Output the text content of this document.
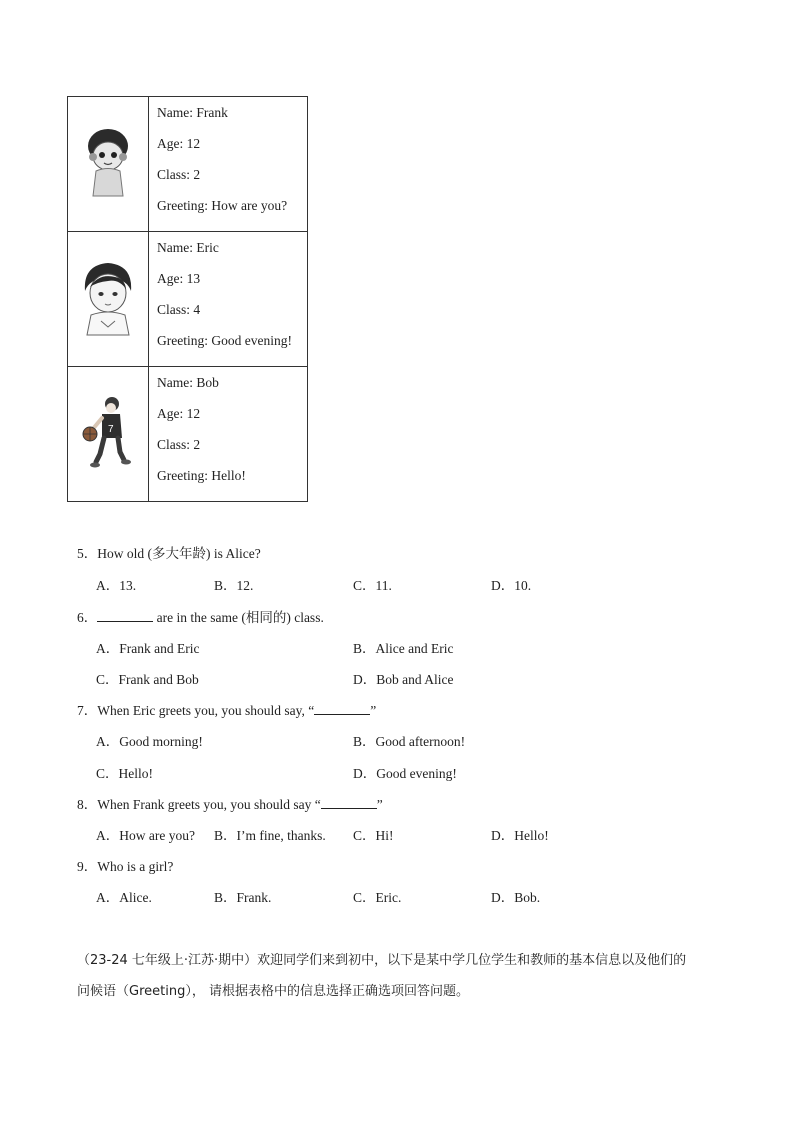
Name: Frank
Age: 12
Class: 2
Greeting: How are you?

Name: Eric
Age: 13
Class: 4
Greeting: Good evening!

7	Name: Bob
Age: 12
Class: 2
Greeting: Hello!
5．How old (多大年龄) is Alice?
A．13.	B．12.	C．11.	D．10.
6．	are in the same (相同的) class.
A．Frank and Eric	B．Alice and Eric
C．Frank and Bob	D．Bob and Alice
7．When Eric greets you, you should say, “	”
A．Good morning!	B．Good afternoon!
C．Hello!	D．Good evening!
8．When Frank greets you, you should say “	”
A．How are you? B．I’m fine, thanks. C．Hi!	D．Hello!
9．Who is a girl?
A．Alice.	B．Frank.	C．Eric.	D．Bob.
（23-24 七年级上·江苏·期中）欢迎同学们来到初中，以下是某中学几位学生和教师的基本信息以及他们的
问候语（Greeting）， 请根据表格中的信息选择正确选项回答问题。
